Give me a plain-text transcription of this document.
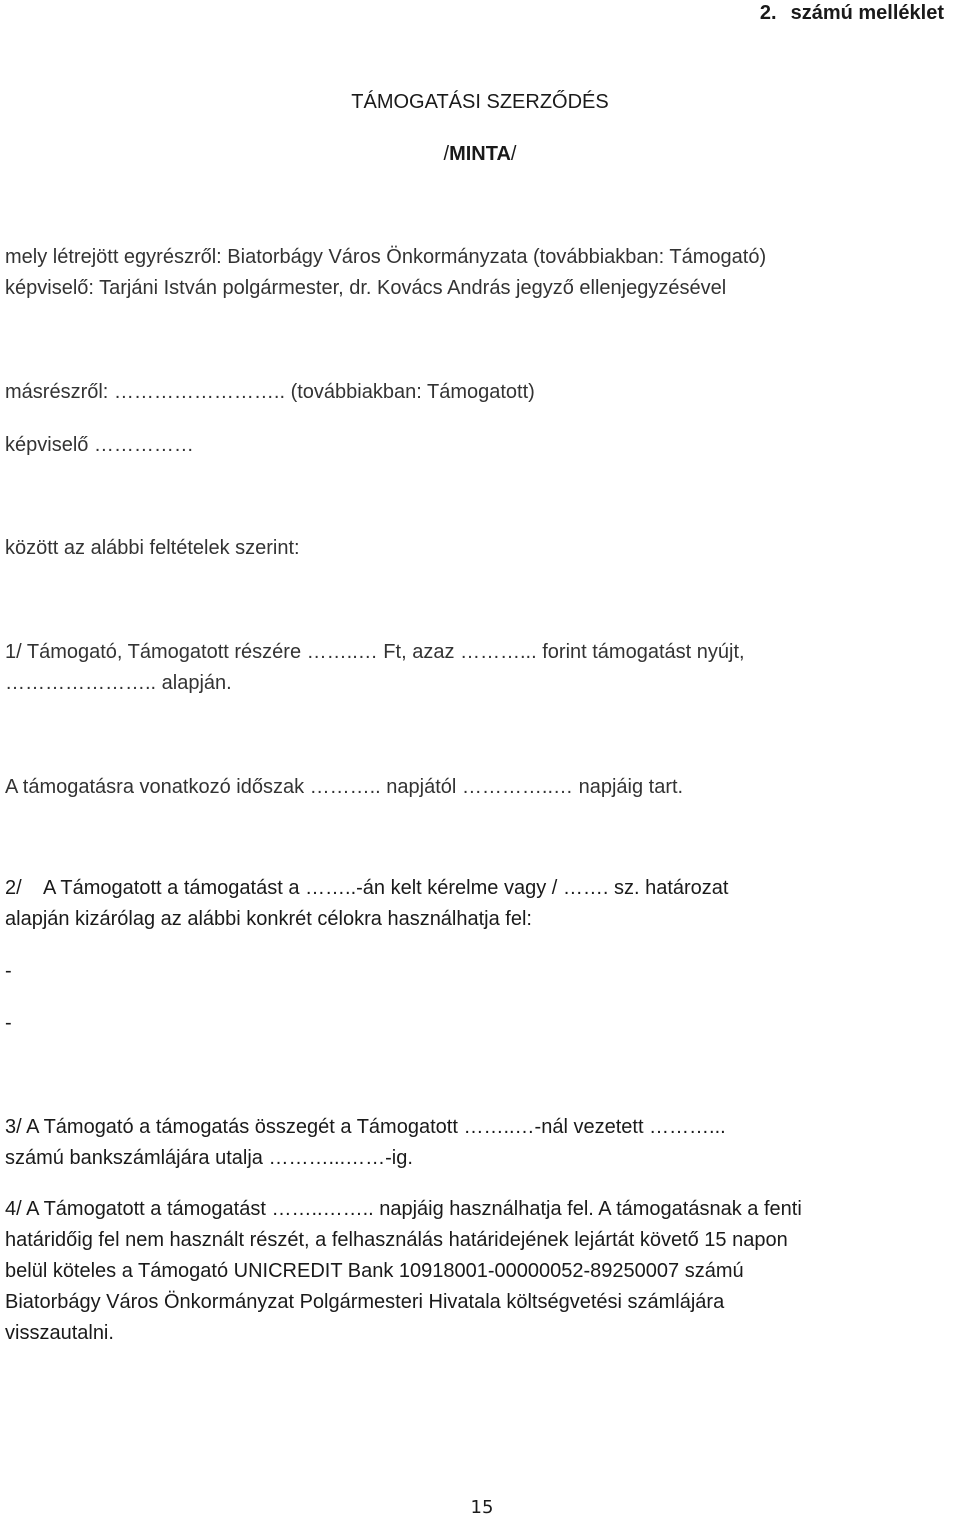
2. számú melléklet
TÁMOGATÁSI SZERZŐDÉS
/MINTA/
mely létrejött egyrészről: Biatorbágy Város Önkormányzata (továbbiakban: Támogató)
képviselő: Tarjáni István polgármester, dr. Kovács András jegyző ellenjegyzésével
másrészről: …………………….. (továbbiakban: Támogatott)
képviselő ……………
között az alábbi feltételek szerint:
1/ Támogató, Támogatott részére ……..… Ft, azaz ………... forint támogatást nyújt,
………………….. alapján.
A támogatásra vonatkozó időszak ……….. napjától …………..… napjáig tart.
2/ A Támogatott a támogatást a ……..-án kelt kérelme vagy / ……. sz. határozat
alapján kizárólag az alábbi konkrét célokra használhatja fel:
-
-
3/ A Támogató a támogatás összegét a Támogatott ……..…-nál vezetett ………...
számú bankszámlájára utalja ………...……-ig.
4/ A Támogatott a támogatást ……..…….. napjáig használhatja fel. A támogatásnak a fenti
határidőig fel nem használt részét, a felhasználás határidejének lejártát követő 15 napon
belül köteles a Támogató UNICREDIT Bank 10918001-00000052-89250007 számú
Biatorbágy Város Önkormányzat Polgármesteri Hivatala költségvetési számlájára
visszautalni.
15
